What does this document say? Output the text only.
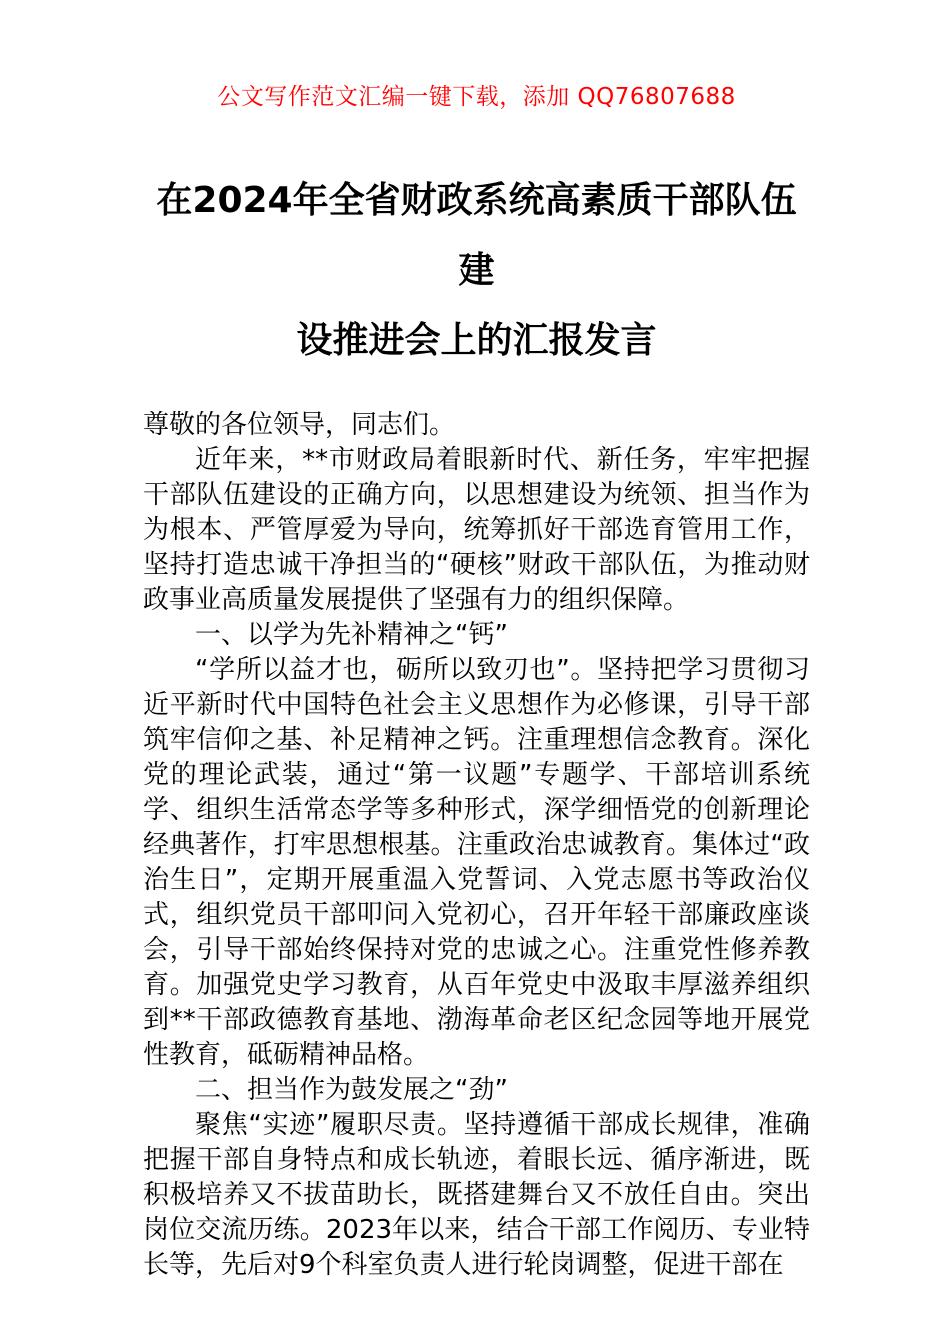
公文写作范文汇编一键下载，添加 QQ76807688
在2024年全省财政系统高素质干部队伍建
设推进会上的汇报发言

尊敬的各位领导，同志们。

近年来，**市财政局着眼新时代、新任务，牢牢把握干部队伍建设的正确方向，以思想建设为统领、担当作为为根本、严管厚爱为导向，统筹抓好干部选育管用工作，坚持打造忠诚干净担当的“硬核”财政干部队伍，为推动财政事业高质量发展提供了坚强有力的组织保障。

一、以学为先补精神之“钙”

“学所以益才也，砺所以致刃也”。坚持把学习贯彻习近平新时代中国特色社会主义思想作为必修课，引导干部筑牢信仰之基、补足精神之钙。注重理想信念教育。深化党的理论武装，通过“第一议题”专题学、干部培训系统学、组织生活常态学等多种形式，深学细悟党的创新理论经典著作，打牢思想根基。注重政治忠诚教育。集体过“政治生日”，定期开展重温入党誓词、入党志愿书等政治仪式，组织党员干部叩问入党初心，召开年轻干部廉政座谈会，引导干部始终保持对党的忠诚之心。注重党性修养教育。加强党史学习教育，从百年党史中汲取丰厚滋养组织到**干部政德教育基地、渤海革命老区纪念园等地开展党性教育，砥砺精神品格。

二、担当作为鼓发展之“劲”

聚焦“实迹”履职尽责。坚持遵循干部成长规律，准确把握干部自身特点和成长轨迹，着眼长远、循序渐进，既积极培养又不拔苗助长，既搭建舞台又不放任自由。突出岗位交流历练。2023年以来，结合干部工作阅历、专业特长等，先后对9个科室负责人进行轮岗调整，促进干部在
